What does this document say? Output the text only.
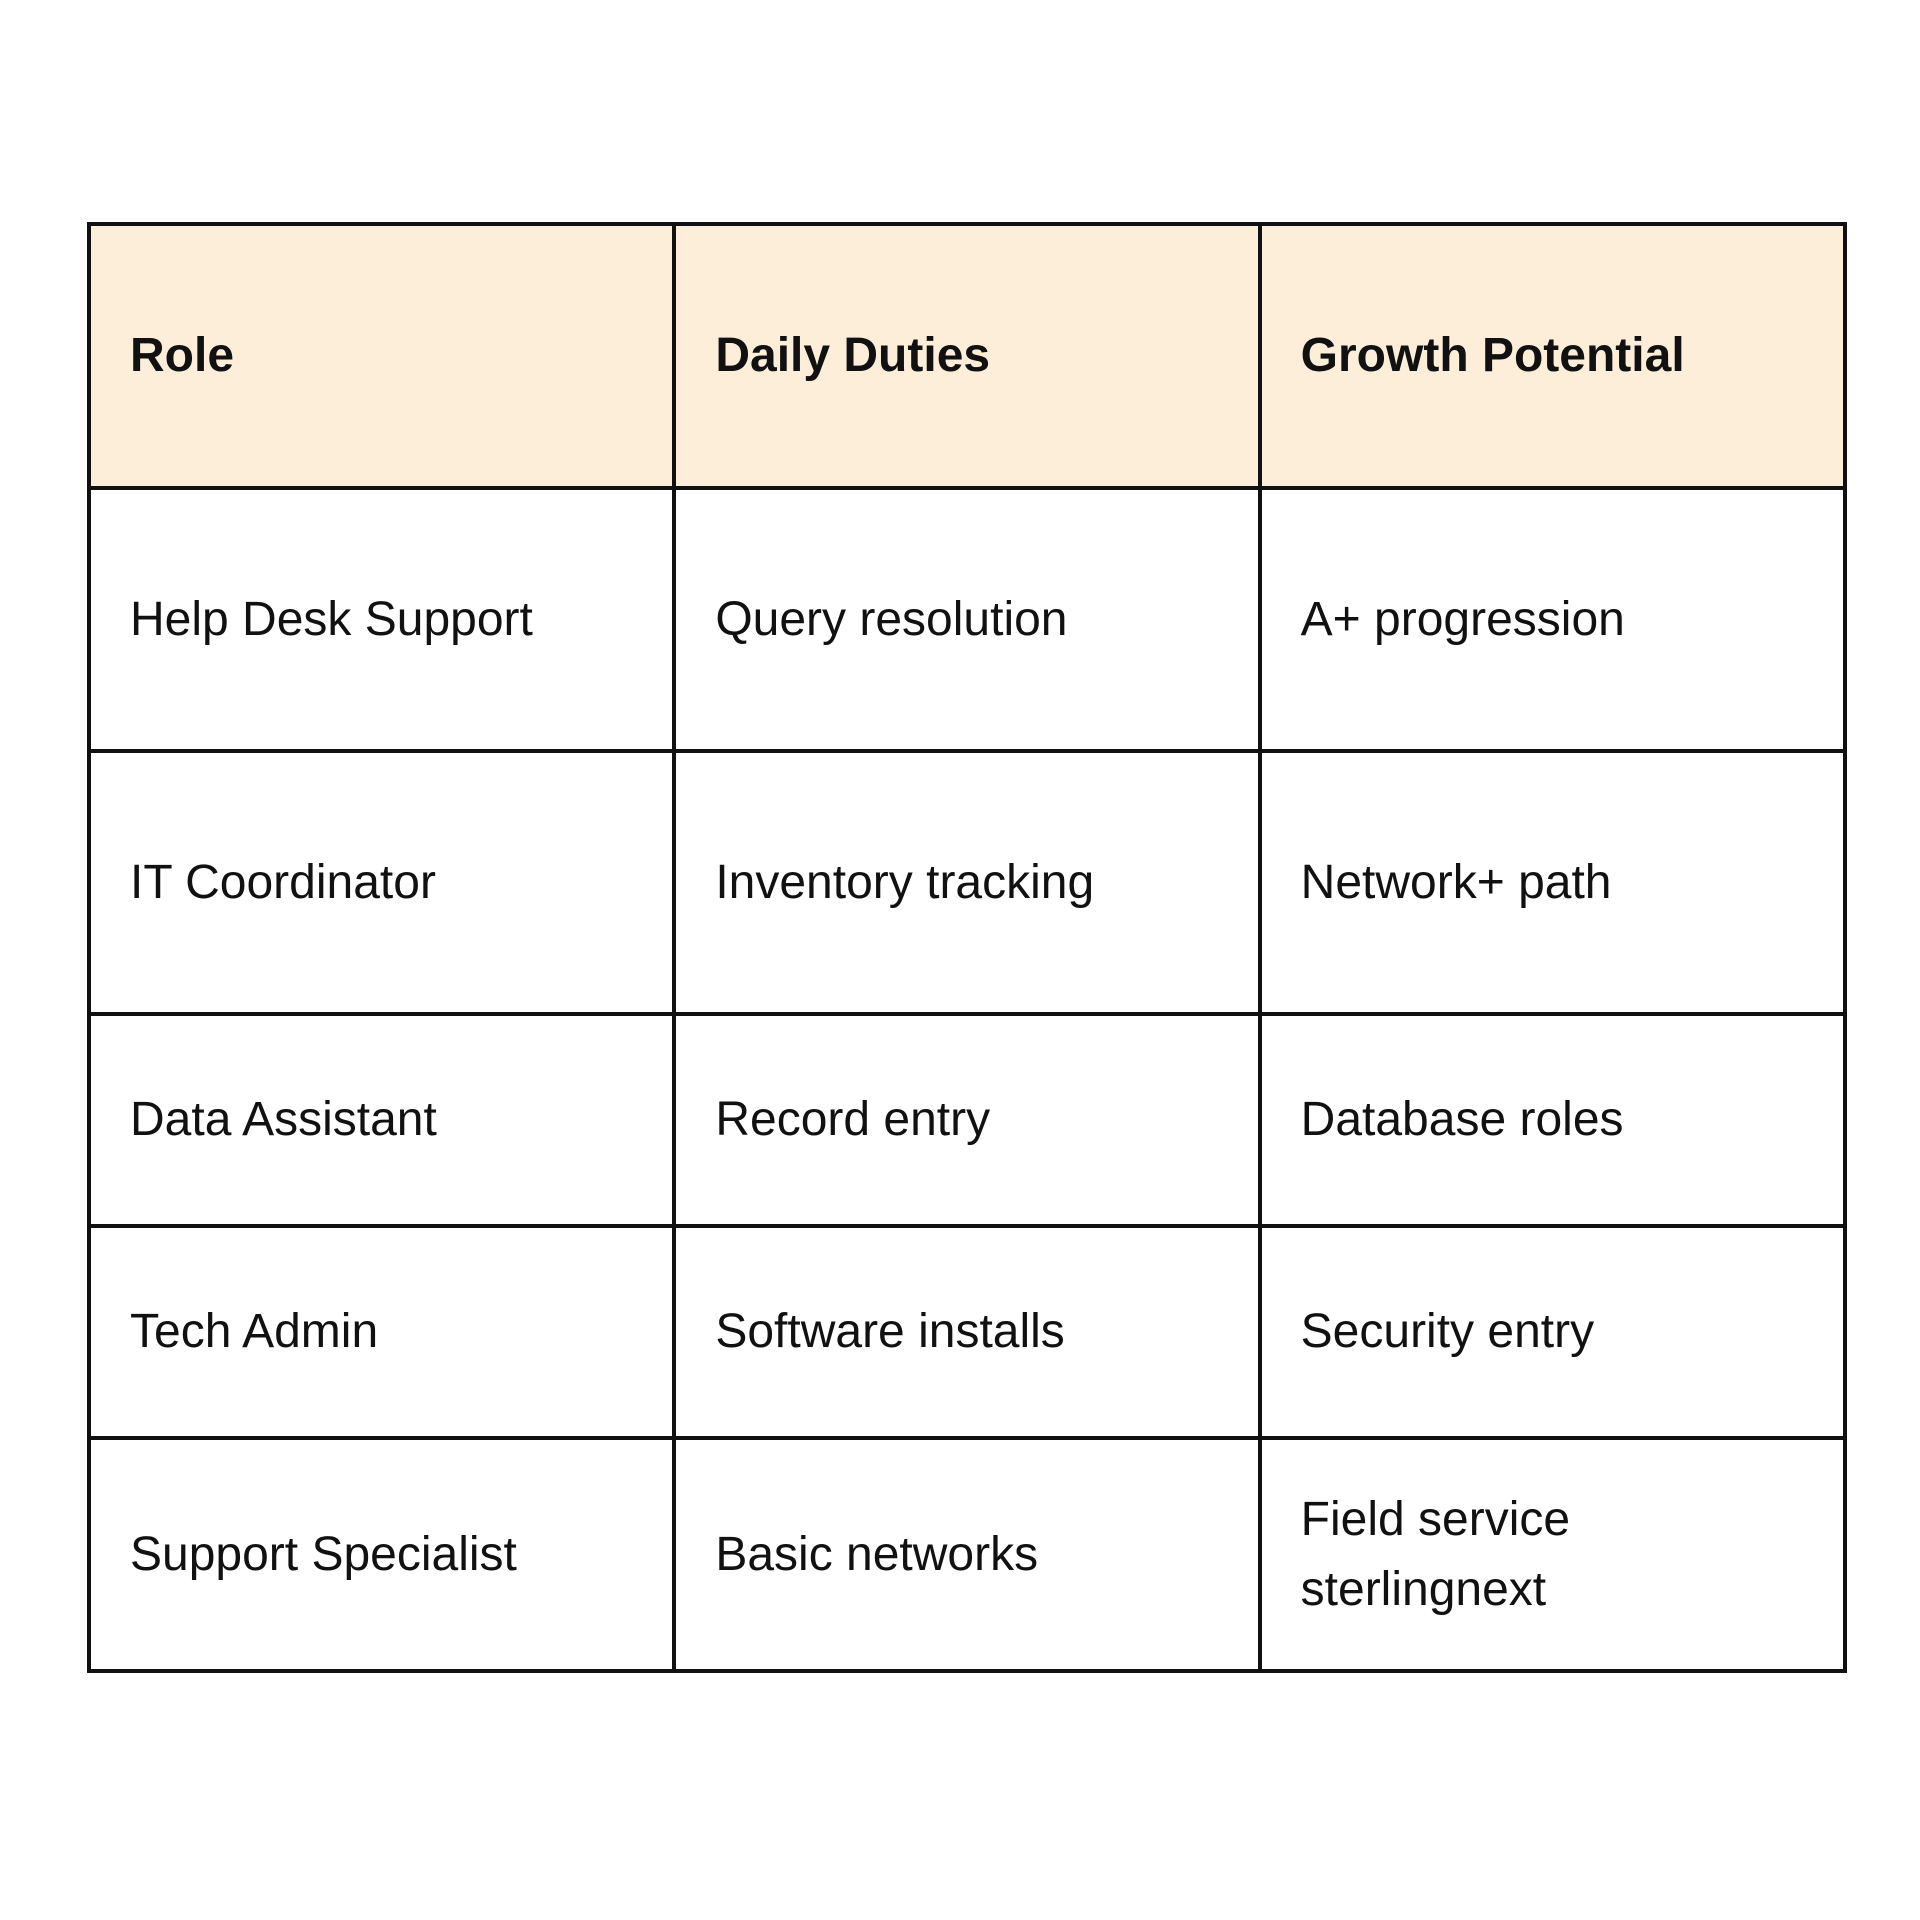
Role	Daily Duties	Growth Potential
Help Desk Support	Query resolution	A+ progression
IT Coordinator	Inventory tracking	Network+ path
Data Assistant	Record entry	Database roles
Tech Admin	Software installs	Security entry
Support Specialist	Basic networks	Field service sterlingnext
